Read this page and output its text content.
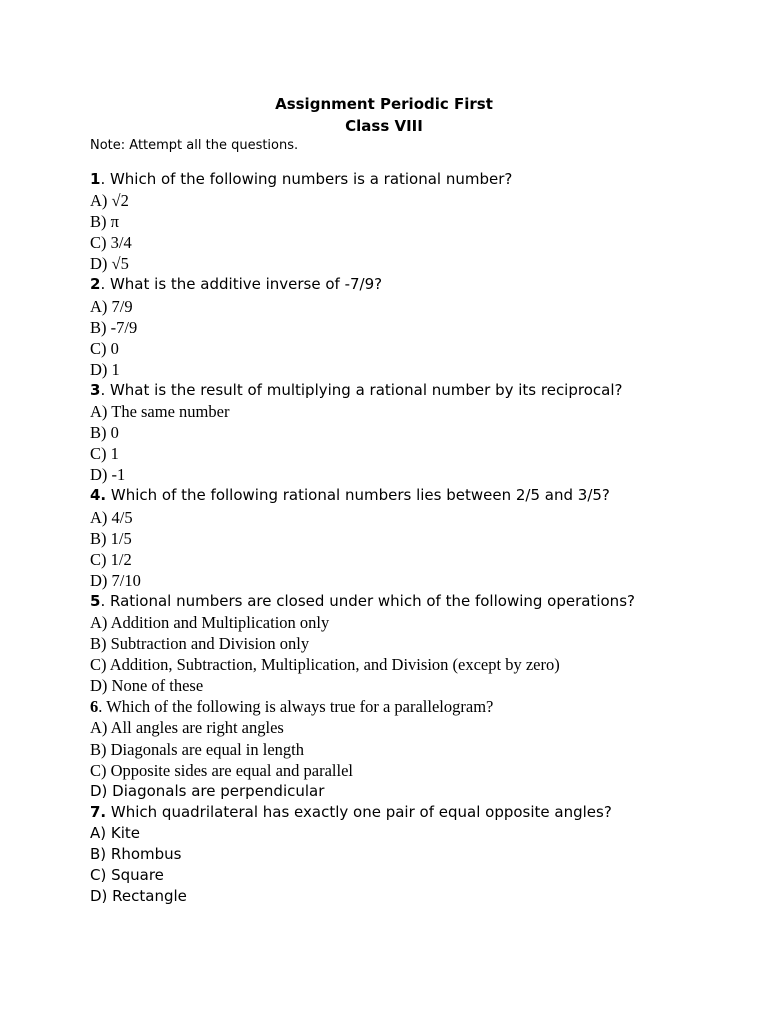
Assignment Periodic First
Class VIII
Note: Attempt all the questions.
1. Which of the following numbers is a rational number?
A) √2
B) π
C) 3/4
D) √5
2. What is the additive inverse of -7/9?
A) 7/9
B) -7/9
C) 0
D) 1
3. What is the result of multiplying a rational number by its reciprocal?
A) The same number
B) 0
C) 1
D) -1
4. Which of the following rational numbers lies between 2/5 and 3/5?
A) 4/5
B) 1/5
C) 1/2
D) 7/10
5. Rational numbers are closed under which of the following operations?
A) Addition and Multiplication only
B) Subtraction and Division only
C) Addition, Subtraction, Multiplication, and Division (except by zero)
D) None of these
6. Which of the following is always true for a parallelogram?
A) All angles are right angles
B) Diagonals are equal in length
C) Opposite sides are equal and parallel
D) Diagonals are perpendicular
7. Which quadrilateral has exactly one pair of equal opposite angles?
A) Kite
B) Rhombus
C) Square
D) Rectangle
